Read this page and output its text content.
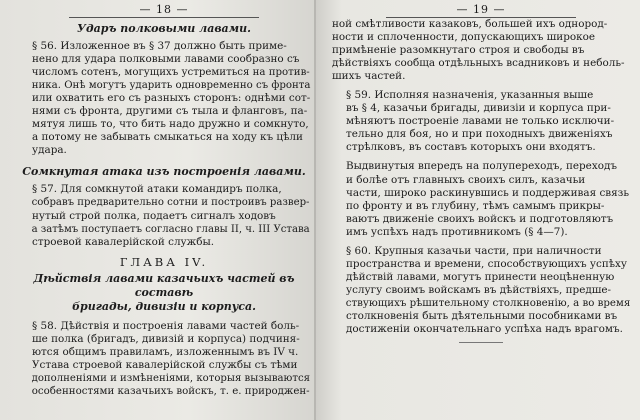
— 18 —

Ударъ полковыми лавами.

§ 56. Изложенное въ § 37 должно быть приме-
нено для удара полковыми лавами сообразно съ
числомъ сотенъ, могущихъ устремиться на против-
ника. Онѣ могутъ ударить одновременно съ фронта
или охватить его съ разныхъ сторонъ: однѣми сот-
нями съ фронта, другими съ тыла и фланговъ, па-
мятуя лишь то, что бить надо дружно и сомкнуто,
а потому не забывать смыкаться на ходу къ цѣли
удара.

Сомкнутая атака изъ построенія лавами.

§ 57. Для сомкнутой атаки командиръ полка,
собравъ предварительно сотни и построивъ развер-
нутый строй полка, подаетъ сигналъ ходовъ
а затѣмъ поступаетъ согласно главы II, ч. III Устава
строевой кавалерійской службы.

ГЛАВА IV.

Дѣйствія лавами казачьихъ частей въ составѣ

бригады, дивизіи и корпуса.

§ 58. Дѣйствія и построенія лавами частей боль-
ше полка (бригадъ, дивизій и корпуса) подчиня-
ются общимъ правиламъ, изложеннымъ въ IV ч.
Устава строевой кавалерійской службы съ тѣми
дополненіями и измѣненіями, которыя вызываются
особенностями казачьихъ войскъ, т. е. природжен-

— 19 —

ной смѣтливости казаковъ, большей ихъ однород-
ности и сплоченности, допускающихъ широкое
примѣненіе разомкнутаго строя и свободы въ
дѣйствіяхъ сообща отдѣльныхъ всадниковъ и неболь-
шихъ частей.

§ 59. Исполняя назначенія, указанныя выше
въ § 4, казачьи бригады, дивизіи и корпуса при-
мѣняютъ построеніе лавами не только исключи-
тельно для боя, но и при походныхъ движеніяхъ
стрѣлковъ, въ составъ которыхъ они входятъ.

Выдвинутыя впередъ на полупереходъ, переходъ
и болѣе отъ главныхъ своихъ силъ, казачьи
части, широко раскинувшись и поддерживая связь
по фронту и въ глубину, тѣмъ самымъ прикры-
ваютъ движеніе своихъ войскъ и подготовляютъ
имъ успѣхъ надъ противникомъ (§ 4—7).

§ 60. Крупныя казачьи части, при наличности
пространства и времени, способствующихъ успѣху
дѣйствій лавами, могутъ принести неоцѣненную
услугу своимъ войскамъ въ дѣйствіяхъ, предше-
ствующихъ рѣшительному столкновенію, а во время
столкновенія быть дѣятельными пособниками въ
достиженіи окончательнаго успѣха надъ врагомъ.
